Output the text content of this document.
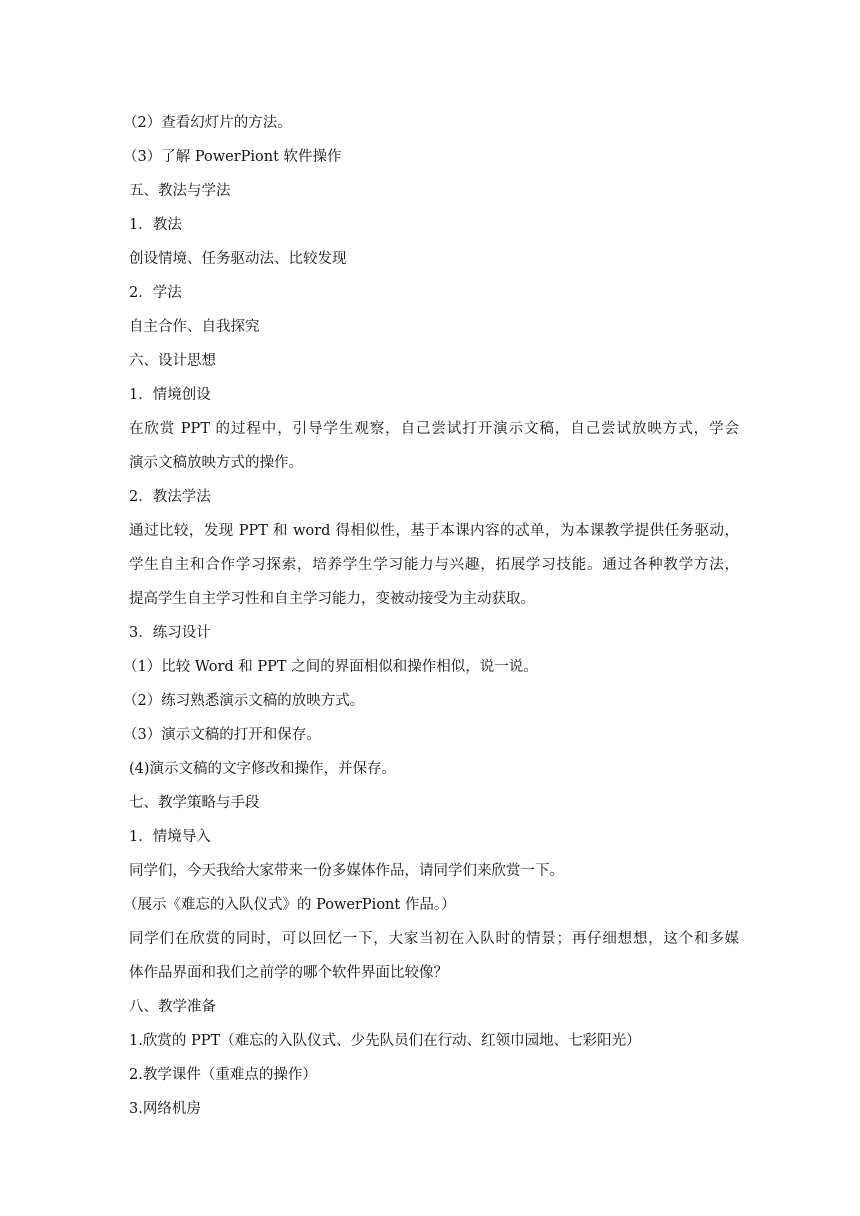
（2）查看幻灯片的方法。
（3）了解 PowerPiont 软件操作
五、教法与学法
1．教法
创设情境、任务驱动法、比较发现
2．学法
自主合作、自我探究
六、设计思想
1．情境创设
在欣赏 PPT 的过程中，引导学生观察，自己尝试打开演示文稿，自己尝试放映方式，学会
演示文稿放映方式的操作。
2．教法学法
通过比较，发现 PPT 和 word 得相似性，基于本课内容的忒单，为本课教学提供任务驱动，
学生自主和合作学习探索，培养学生学习能力与兴趣，拓展学习技能。通过各种教学方法，
提高学生自主学习性和自主学习能力，变被动接受为主动获取。
3．练习设计
（1）比较 Word 和 PPT 之间的界面相似和操作相似，说一说。
（2）练习熟悉演示文稿的放映方式。
（3）演示文稿的打开和保存。
(4)演示文稿的文字修改和操作，并保存。
七、教学策略与手段
1．情境导入
同学们，今天我给大家带来一份多媒体作品，请同学们来欣赏一下。
（展示《难忘的入队仪式》的 PowerPiont 作品。）
同学们在欣赏的同时，可以回忆一下，大家当初在入队时的情景；再仔细想想，这个和多媒
体作品界面和我们之前学的哪个软件界面比较像？
八、教学准备
1.欣赏的 PPT（难忘的入队仪式、少先队员们在行动、红领巾园地、七彩阳光）
2.教学课件（重难点的操作）
3.网络机房
